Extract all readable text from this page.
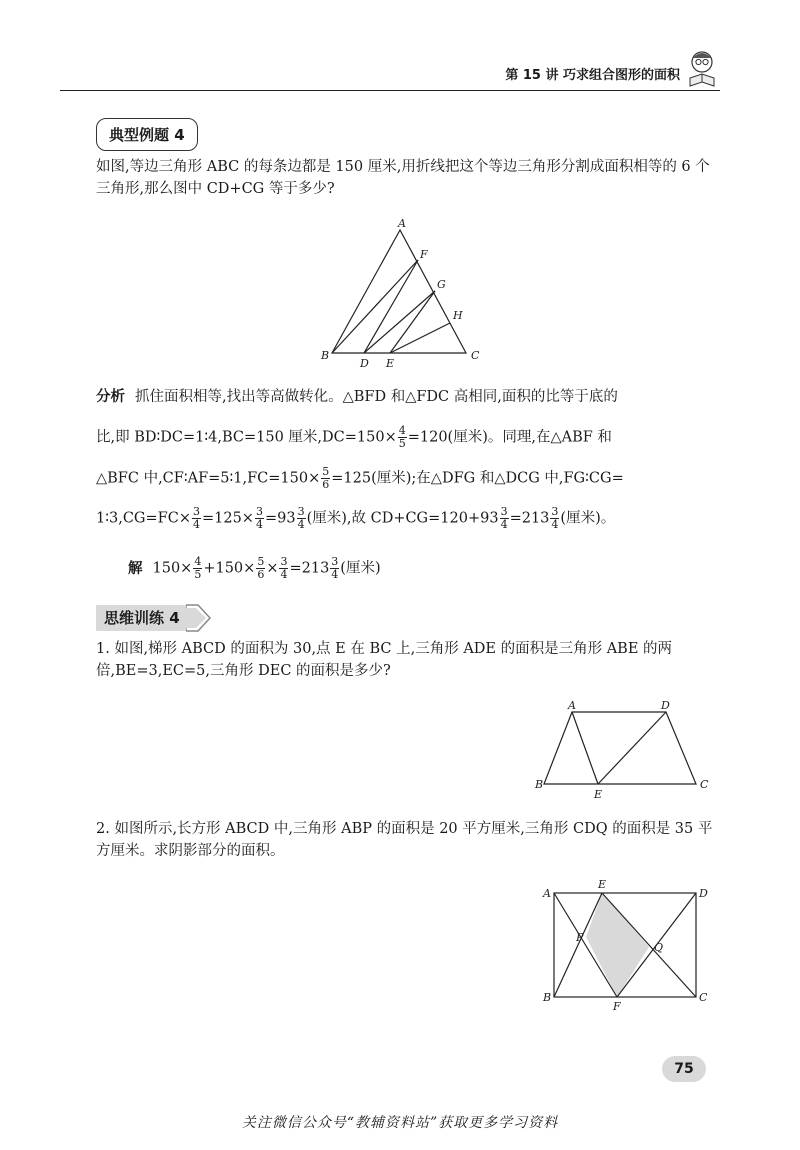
第 15 讲 巧求组合图形的面积
典型例题 4
如图,等边三角形 ABC 的每条边都是 150 厘米,用折线把这个等边三角形分割成面积相等的 6 个三角形,那么图中 CD+CG 等于多少?
A
B	C
D E
F
G
H
分析 抓住面积相等,找出等高做转化。△BFD 和△FDC 高相同,面积的比等于底的
比,即 BD∶DC=1∶4,BC=150 厘米$,DC=150\times \frac{4}{5} =120$(厘米)。同理,在△ABF 和
△BFC 中,CF∶AF=5∶1,FC=150× $\frac{5}{6} =125$(厘米);在△DFG 和△DCG 中,FG∶CG=
1∶3,CG=FC× $\frac{3}{4} =125\times \frac{3}{4} =93 \frac{3}{4}$ (厘米),故 $CD+CG=120+93 \frac{3}{4} =213 \frac{3}{4}$ (厘米)。
解 $150\times \frac{4}{5} +150\times \frac{5}{6} \times \frac{3}{4} =213 \frac{3}{4}$ (厘米)
思维训练 4
1. 如图,梯形 ABCD 的面积为 30,点 E 在 BC 上,三角形 ADE 的面积是三角形 ABE 的两倍,BE=3,EC=5,三角形 DEC 的面积是多少?
A	D
B	C
E
2. 如图所示,长方形 ABCD 中,三角形 ABP 的面积是 20 平方厘米,三角形 CDQ 的面积是 35 平方厘米。求阴影部分的面积。
A	D
B	C
E
F
P
Q
75
关注微信公众号“教辅资料站”获取更多学习资料
